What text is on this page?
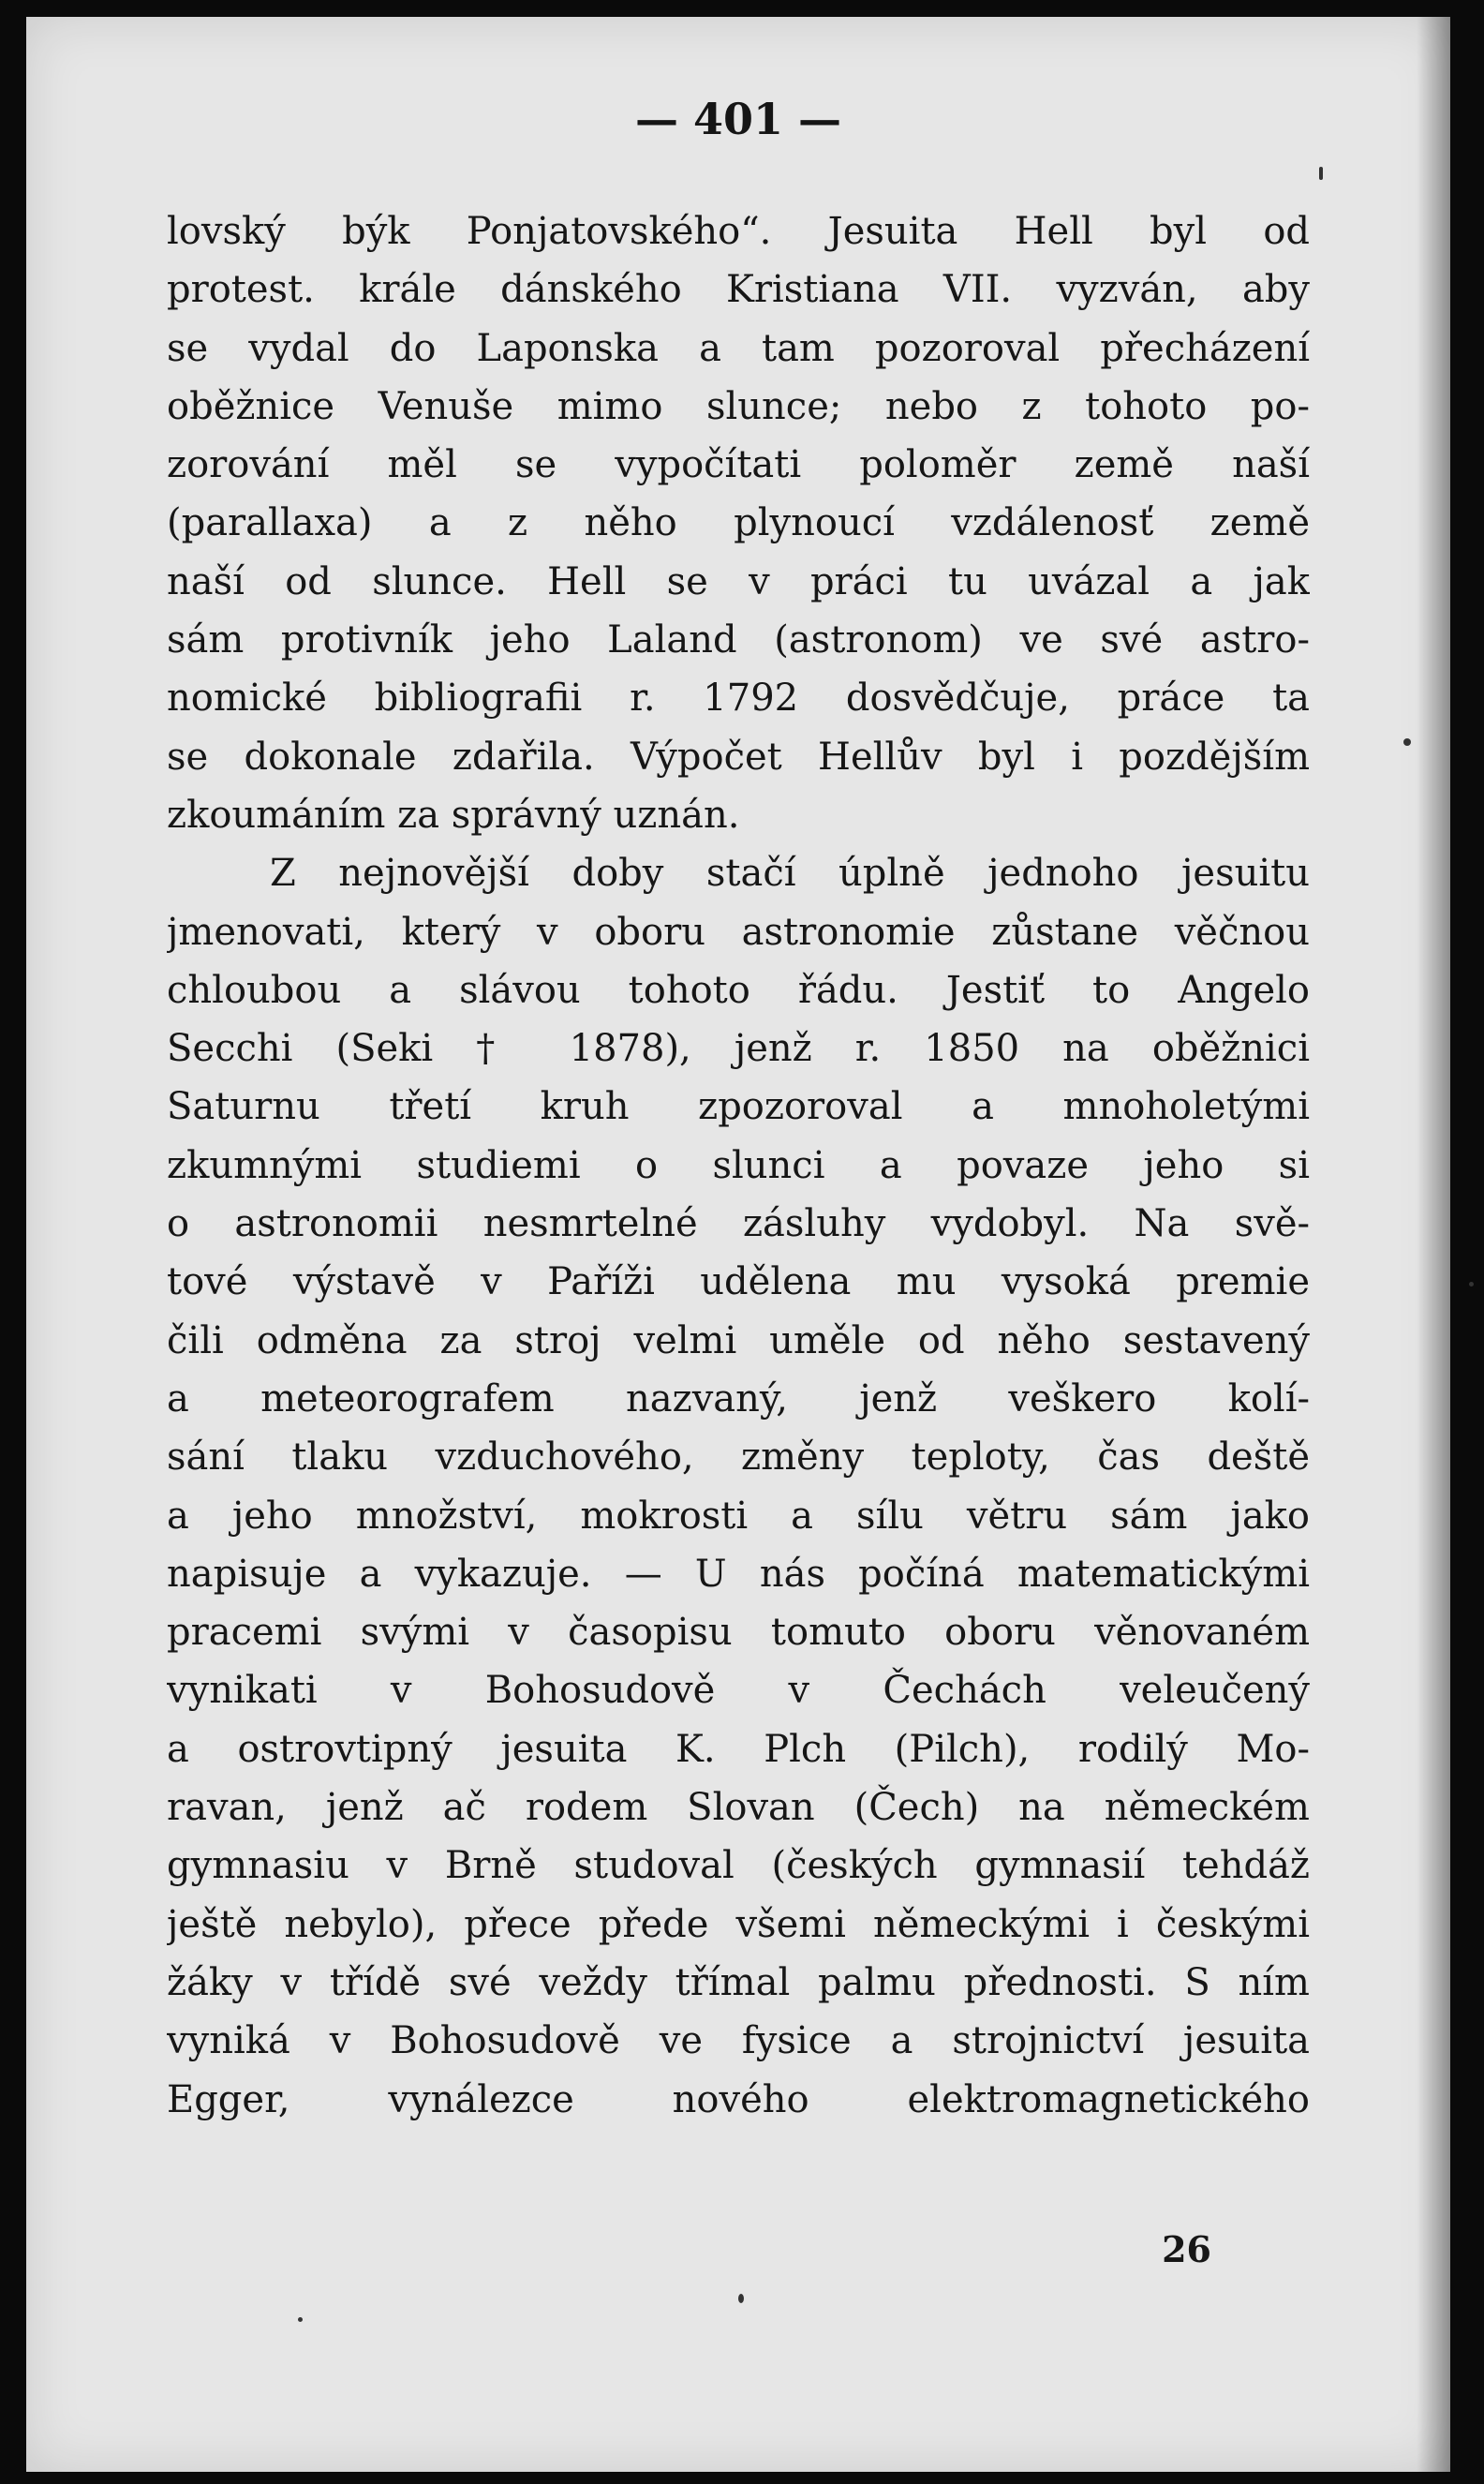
— 401 —
lovský býk Ponjatovského“. Jesuita Hell byl od
protest. krále dánského Kristiana VII. vyzván, aby
se vydal do Laponska a tam pozoroval přecházení
oběžnice Venuše mimo slunce; nebo z tohoto po-
zorování měl se vypočítati poloměr země naší
(parallaxa) a z něho plynoucí vzdálenosť země
naší od slunce. Hell se v práci tu uvázal a jak
sám protivník jeho Laland (astronom) ve své astro-
nomické bibliografii r. 1792 dosvědčuje, práce ta
se dokonale zdařila. Výpočet Hellův byl i pozdějším
zkoumáním za správný uznán.
Z nejnovější doby stačí úplně jednoho jesuitu
jmenovati, který v oboru astronomie zůstane věčnou
chloubou a slávou tohoto řádu. Jestiť to Angelo
Secchi (Seki † 1878), jenž r. 1850 na oběžnici
Saturnu třetí kruh zpozoroval a mnoholetými
zkumnými studiemi o slunci a povaze jeho si
o astronomii nesmrtelné zásluhy vydobyl. Na svě-
tové výstavě v Paříži udělena mu vysoká premie
čili odměna za stroj velmi uměle od něho sestavený
a meteorografem nazvaný, jenž veškero kolí-
sání tlaku vzduchového, změny teploty, čas deště
a jeho množství, mokrosti a sílu větru sám jako
napisuje a vykazuje. — U nás počíná matematickými
pracemi svými v časopisu tomuto oboru věnovaném
vynikati v Bohosudově v Čechách veleučený
a ostrovtipný jesuita K. Plch (Pilch), rodilý Mo-
ravan, jenž ač rodem Slovan (Čech) na německém
gymnasiu v Brně studoval (českých gymnasií tehdáž
ještě nebylo), přece přede všemi německými i českými
žáky v třídě své veždy třímal palmu přednosti. S ním
vyniká v Bohosudově ve fysice a strojnictví jesuita
Egger, vynálezce nového elektromagnetického
26
